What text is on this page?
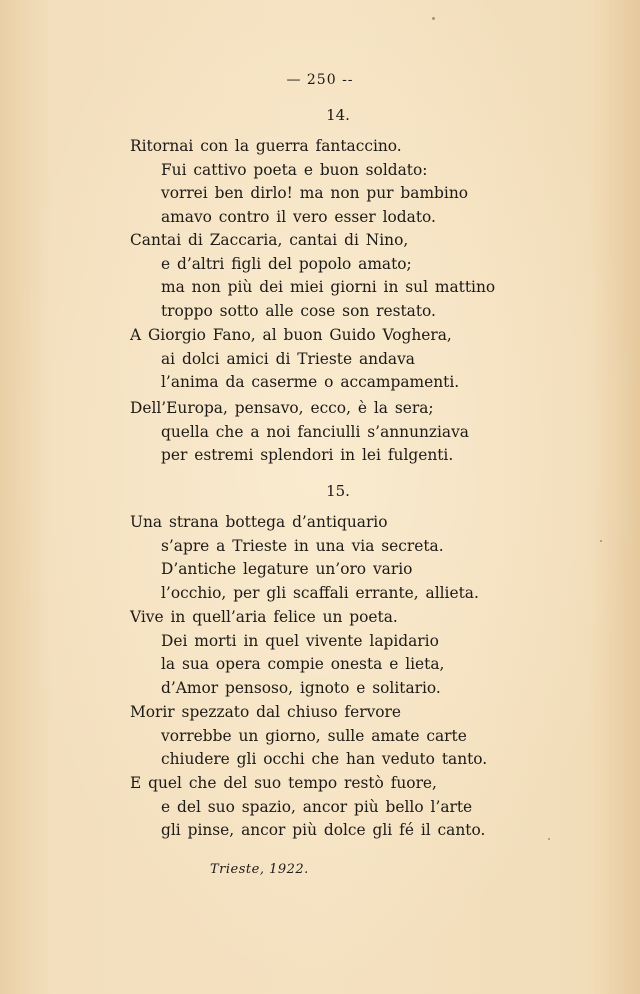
— 250 --
14.
Ritornai con la guerra fantaccino.
Fui cattivo poeta e buon soldato:
vorrei ben dirlo! ma non pur bambino
amavo contro il vero esser lodato.
Cantai di Zaccaria, cantai di Nino,
e d’altri figli del popolo amato;
ma non più dei miei giorni in sul mattino
troppo sotto alle cose son restato.
A Giorgio Fano, al buon Guido Voghera,
ai dolci amici di Trieste andava
l’anima da caserme o accampamenti.
Dell’Europa, pensavo, ecco, è la sera;
quella che a noi fanciulli s’annunziava
per estremi splendori in lei fulgenti.
15.
Una strana bottega d’antiquario
s’apre a Trieste in una via secreta.
D’antiche legature un’oro vario
l’occhio, per gli scaffali errante, allieta.
Vive in quell’aria felice un poeta.
Dei morti in quel vivente lapidario
la sua opera compie onesta e lieta,
d’Amor pensoso, ignoto e solitario.
Morir spezzato dal chiuso fervore
vorrebbe un giorno, sulle amate carte
chiudere gli occhi che han veduto tanto.
E quel che del suo tempo restò fuore,
e del suo spazio, ancor più bello l’arte
gli pinse, ancor più dolce gli fé il canto.
Trieste, 1922.
